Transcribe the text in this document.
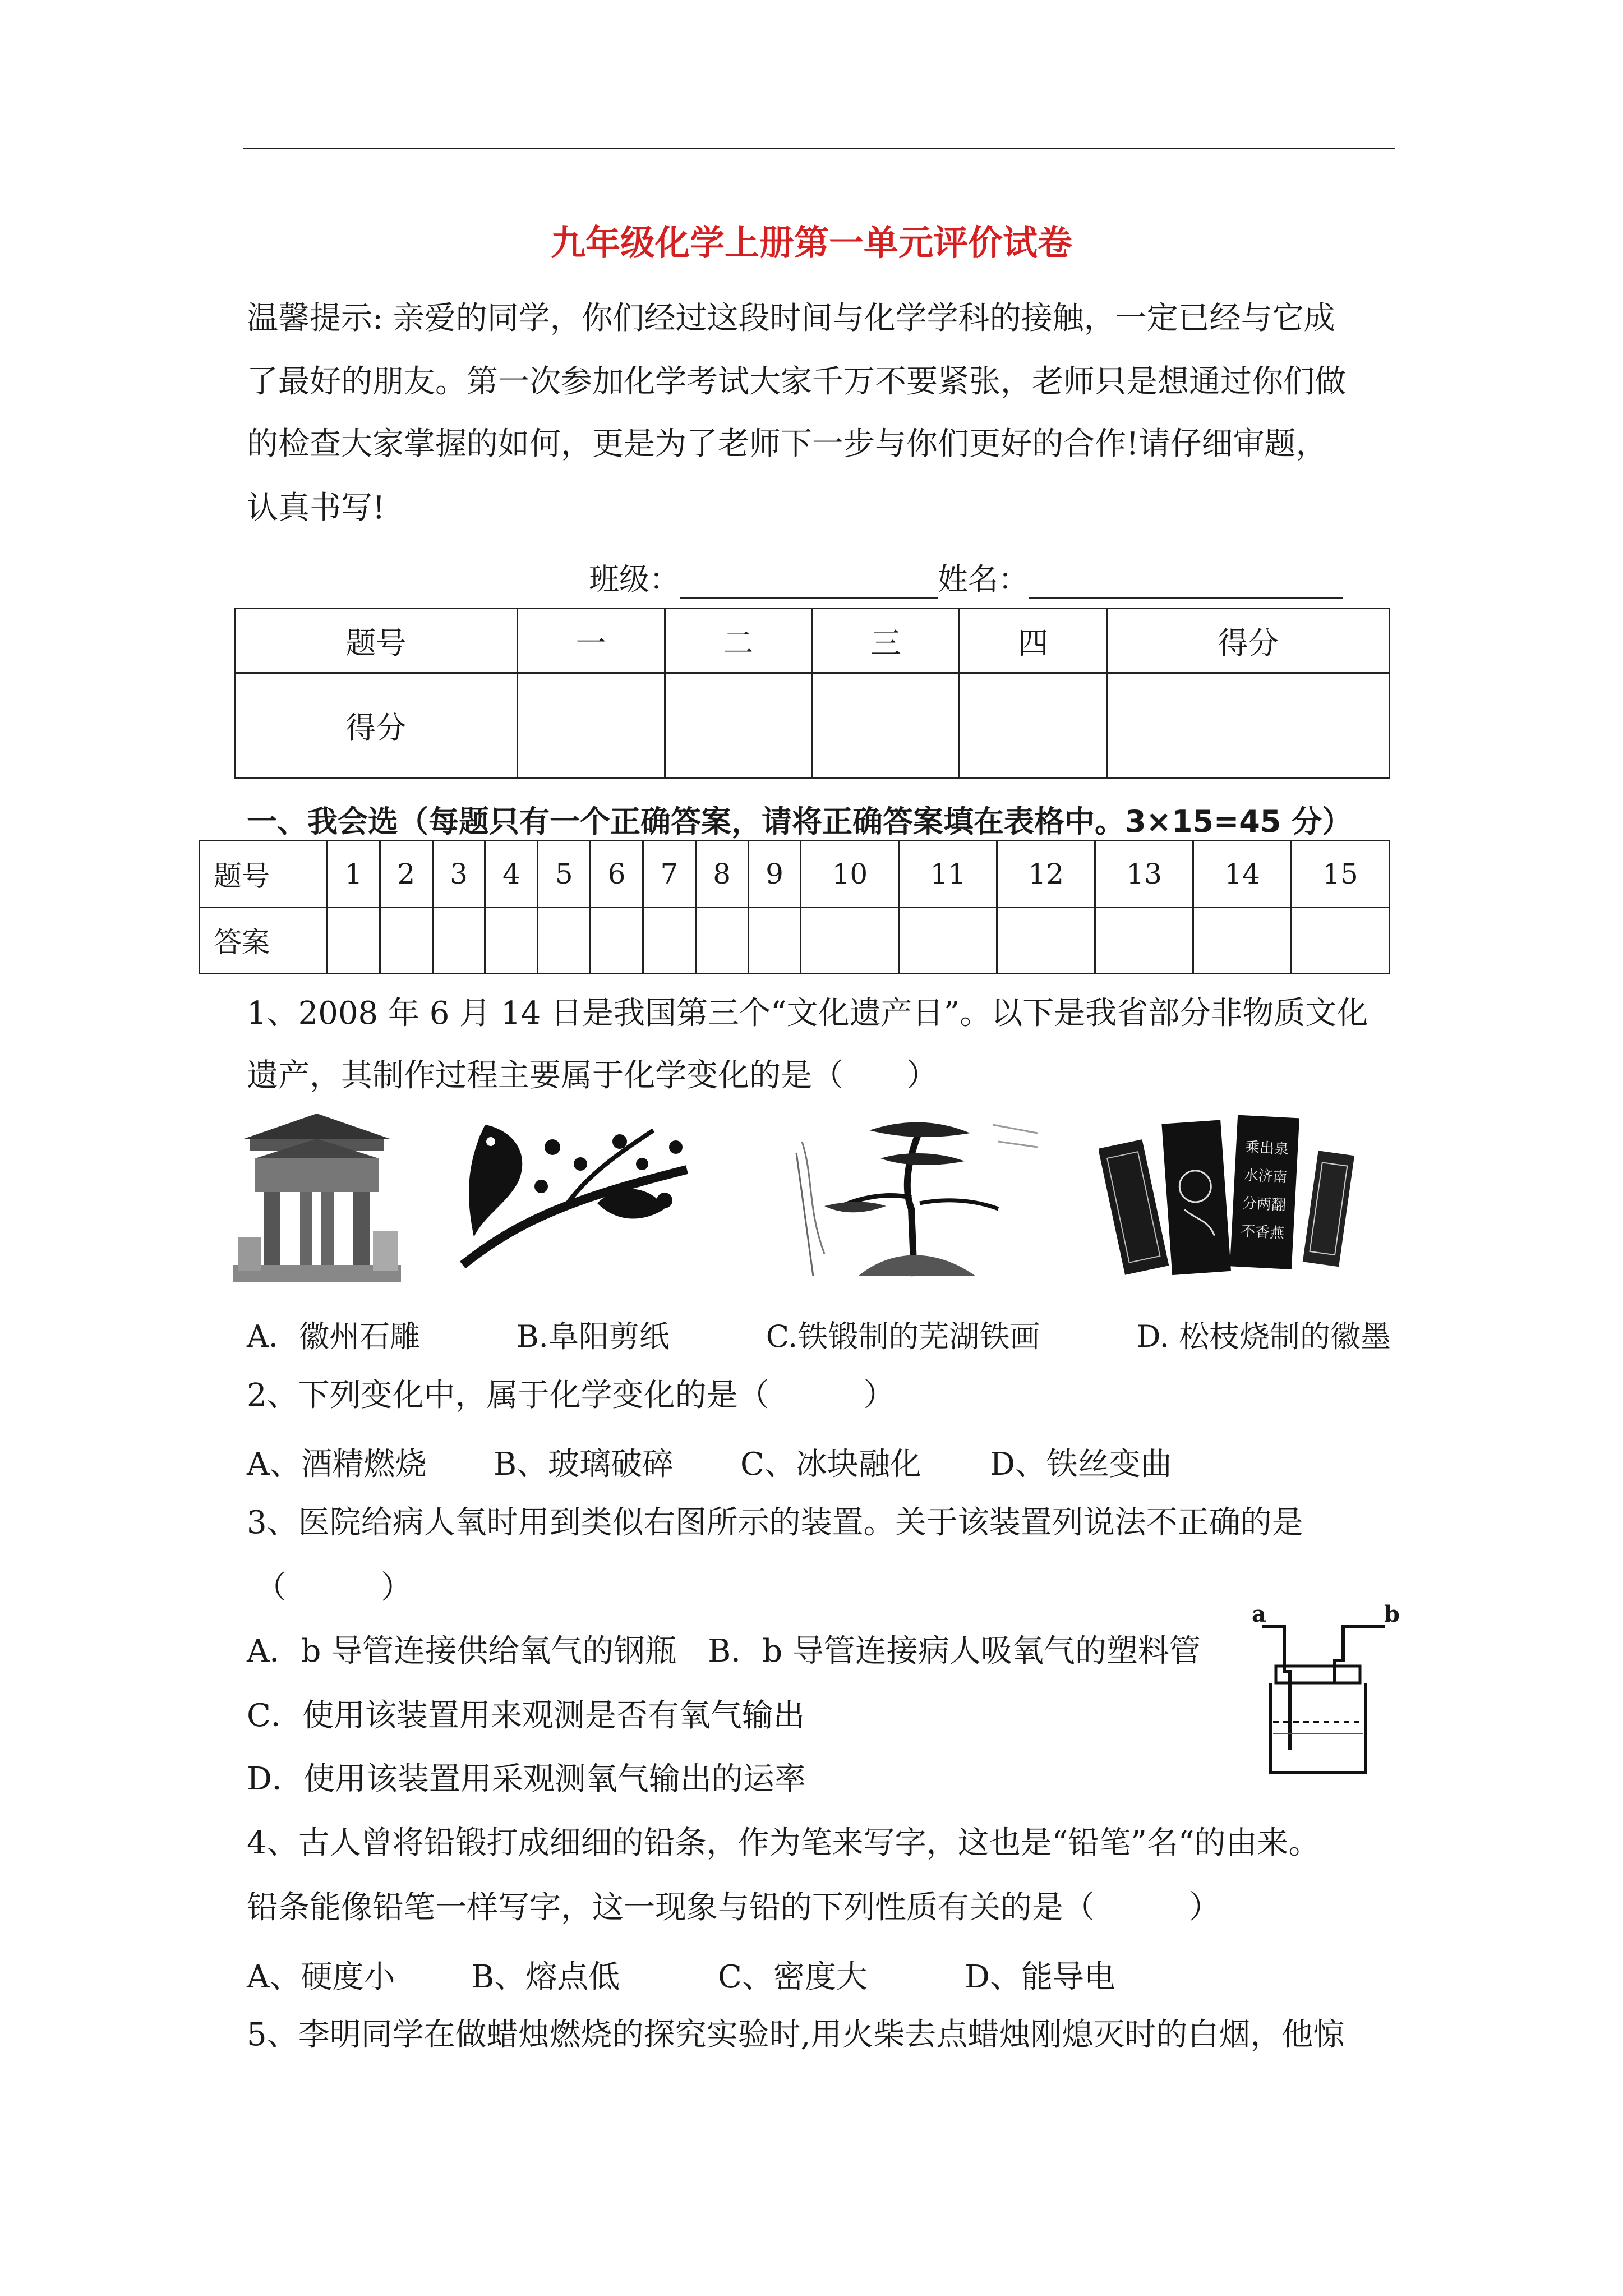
九年级化学上册第一单元评价试卷
温馨提示: 亲爱的同学，你们经过这段时间与化学学科的接触，一定已经与它成
了最好的朋友。第一次参加化学考试大家千万不要紧张，老师只是想通过你们做
的检查大家掌握的如何，更是为了老师下一步与你们更好的合作!请仔细审题，
认真书写!
班级：	姓名：
题号	一	二	三	四	得分
得分					
一、我会选（每题只有一个正确答案，请将正确答案填在表格中。3×15=45 分）
题号	1	2	3	4	5	6	7	8	9	10	11	12	13	14	15
答案															
1、2008 年 6 月 14 日是我国第三个“文化遗产日”。以下是我省部分非物质文化
遗产，其制作过程主要属于化学变化的是（　　）
乘出泉
水济南
分两翻
不香燕
A．徽州石雕	B.阜阳剪纸	C.铁锻制的芜湖铁画	D. 松枝烧制的徽墨
2、下列变化中，属于化学变化的是（　　　）
A、酒精燃烧	B、玻璃破碎	C、冰块融化	D、铁丝变曲
3、医院给病人氧时用到类似右图所示的装置。关于该装置列说法不正确的是
（　　　）
A．b 导管连接供给氧气的钢瓶　B．b 导管连接病人吸氧气的塑料管
C．使用该装置用来观测是否有氧气输出
D．使用该装置用采观测氧气输出的运率
a	b
4、古人曾将铅锻打成细细的铅条，作为笔来写字，这也是“铅笔”名“的由来。
铅条能像铅笔一样写字，这一现象与铅的下列性质有关的是（　　　）
A、硬度小	B、熔点低	C、密度大	D、能导电
5、李明同学在做蜡烛燃烧的探究实验时,用火柴去点蜡烛刚熄灭时的白烟，他惊
